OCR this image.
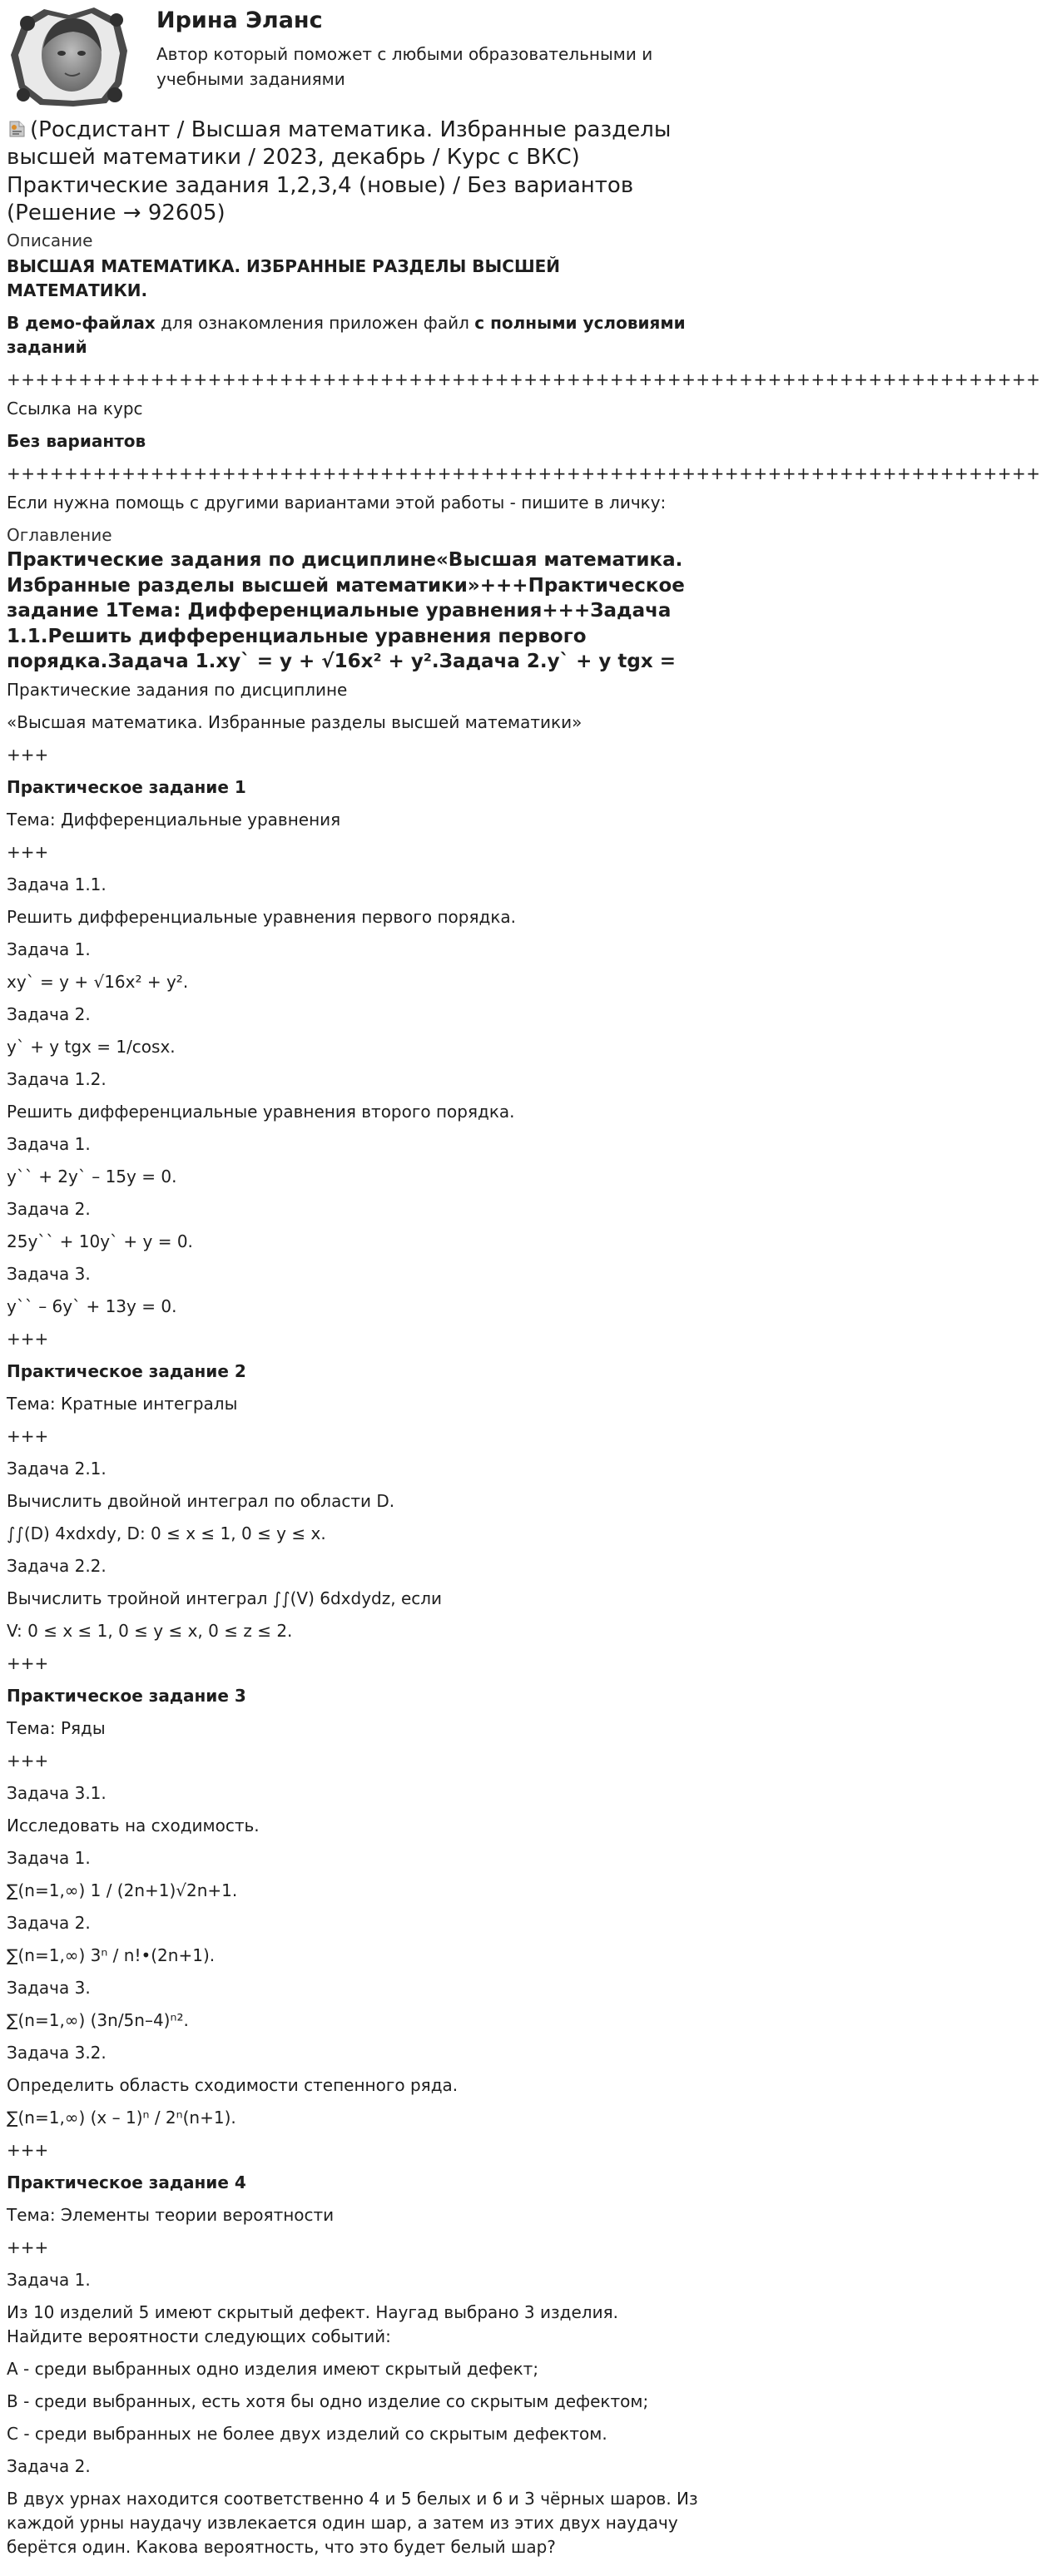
Ирина Эланс
Автор который поможет с любыми образовательными и учебными заданиями
(Росдистант / Высшая математика. Избранные разделы высшей математики / 2023, декабрь / Курс с ВКС) Практические задания 1,2,3,4 (новые) / Без вариантов (Решение → 92605)
Описание
ВЫСШАЯ МАТЕМАТИКА. ИЗБРАННЫЕ РАЗДЕЛЫ ВЫСШЕЙ МАТЕМАТИКИ.
В демо-файлах для ознакомления приложен файл с полными условиями заданий
++++++++++++++++++++++++++++++++++++++++++++++++++++++++++++++++++++++++
Ссылка на курс
Без вариантов
++++++++++++++++++++++++++++++++++++++++++++++++++++++++++++++++++++++++
Если нужна помощь с другими вариантами этой работы - пишите в личку:
Оглавление
Практические задания по дисциплине«Высшая математика. Избранные разделы высшей математики»+++Практическое задание 1Тема: Дифференциальные уравнения+++Задача 1.1.Решить дифференциальные уравнения первого порядка.Задача 1.xy` = y + √16x² + y².Задача 2.y` + y tgx =
Практические задания по дисциплине
«Высшая математика. Избранные разделы высшей математики»
+++
Практическое задание 1
Тема: Дифференциальные уравнения
+++
Задача 1.1.
Решить дифференциальные уравнения первого порядка.
Задача 1.
xy` = y + √16x² + y².
Задача 2.
y` + y tgx = 1/cosx.
Задача 1.2.
Решить дифференциальные уравнения второго порядка.
Задача 1.
y`` + 2y` – 15y = 0.
Задача 2.
25y`` + 10y` + y = 0.
Задача 3.
y`` – 6y` + 13y = 0.
+++
Практическое задание 2
Тема: Кратные интегралы
+++
Задача 2.1.
Вычислить двойной интеграл по области D.
∫∫(D) 4xdxdy, D: 0 ≤ x ≤ 1, 0 ≤ y ≤ x.
Задача 2.2.
Вычислить тройной интеграл ∫∫(V) 6dxdydz, если
V: 0 ≤ x ≤ 1, 0 ≤ y ≤ x, 0 ≤ z ≤ 2.
+++
Практическое задание 3
Тема: Ряды
+++
Задача 3.1.
Исследовать на сходимость.
Задача 1.
∑(n=1,∞) 1 / (2n+1)√2n+1.
Задача 2.
∑(n=1,∞) 3ⁿ / n!•(2n+1).
Задача 3.
∑(n=1,∞) (3n/5n–4)ⁿ².
Задача 3.2.
Определить область сходимости степенного ряда.
∑(n=1,∞) (x – 1)ⁿ / 2ⁿ(n+1).
+++
Практическое задание 4
Тема: Элементы теории вероятности
+++
Задача 1.
Из 10 изделий 5 имеют скрытый дефект. Наугад выбрано 3 изделия. Найдите вероятности следующих событий:
А - среди выбранных одно изделия имеют скрытый дефект;
В - среди выбранных, есть хотя бы одно изделие со скрытым дефектом;
С - среди выбранных не более двух изделий со скрытым дефектом.
Задача 2.
В двух урнах находится соответственно 4 и 5 белых и 6 и 3 чёрных шаров. Из каждой урны наудачу извлекается один шар, а затем из этих двух наудачу берётся один. Какова вероятность, что это будет белый шар?
